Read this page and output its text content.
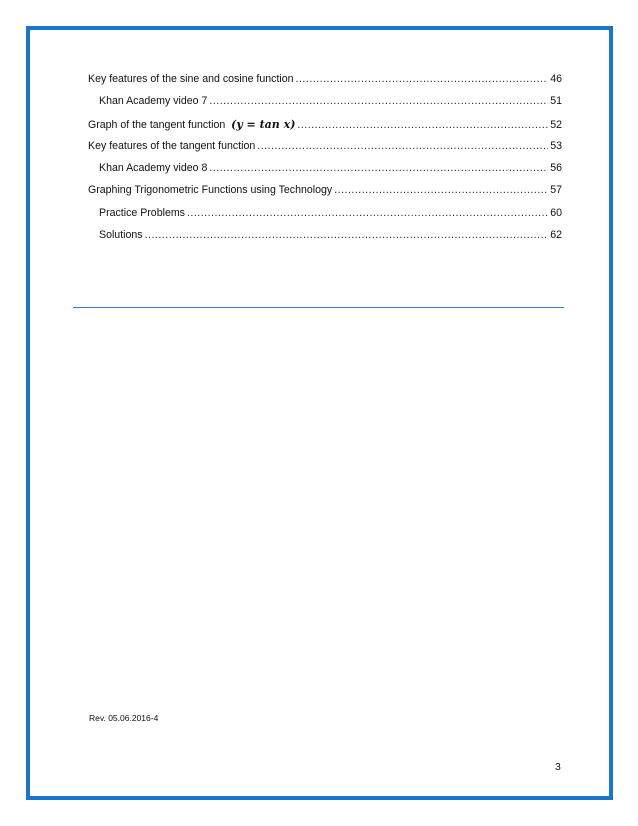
Key features of the sine and cosine function .....	46
Khan Academy video 7 .....	51
Graph of the tangent function  (𝒚 = 𝒕𝒂𝒏 𝒙) .....	52
Key features of the tangent function .....	53
Khan Academy video 8 .....	56
Graphing Trigonometric Functions using Technology .....	57
Practice Problems .....	60
Solutions .....	62
Rev. 05.06.2016-4
3
